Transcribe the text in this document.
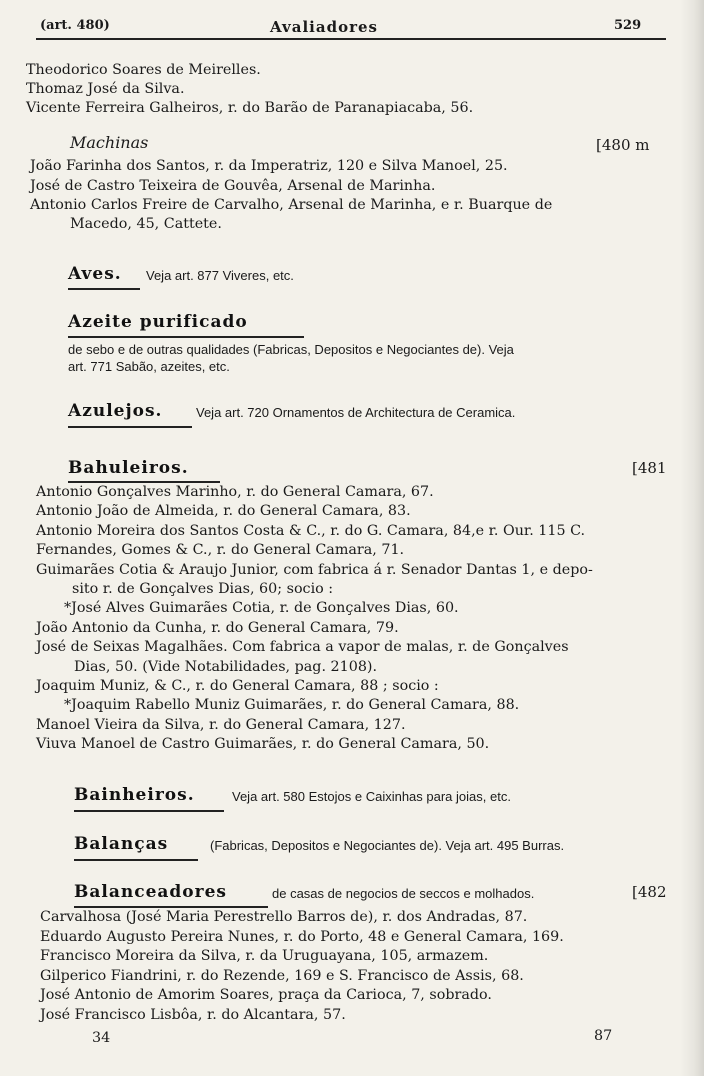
(art. 480)	Avaliadores	529
Theodorico Soares de Meirelles.
Thomaz José da Silva.
Vicente Ferreira Galheiros, r. do Barão de Paranapiacaba, 56.
Machinas	[480 m
João Farinha dos Santos, r. da Imperatriz, 120 e Silva Manoel, 25.
José de Castro Teixeira de Gouvêa, Arsenal de Marinha.
Antonio Carlos Freire de Carvalho, Arsenal de Marinha, e r. Buarque de
Macedo, 45, Cattete.
Aves. Veja art. 877 Viveres, etc.
Azeite purificado
de sebo e de outras qualidades (Fabricas, Depositos e Negociantes de). Veja
art. 771 Sabão, azeites, etc.
Azulejos.	Veja art. 720 Ornamentos de Architectura de Ceramica.
Bahuleiros.	[481
Antonio Gonçalves Marinho, r. do General Camara, 67.
Antonio João de Almeida, r. do General Camara, 83.
Antonio Moreira dos Santos Costa & C., r. do G. Camara, 84,e r. Our. 115 C.
Fernandes, Gomes & C., r. do General Camara, 71.
Guimarães Cotia & Araujo Junior, com fabrica á r. Senador Dantas 1, e depo-
sito r. de Gonçalves Dias, 60; socio :
*José Alves Guimarães Cotia, r. de Gonçalves Dias, 60.
João Antonio da Cunha, r. do General Camara, 79.
José de Seixas Magalhães. Com fabrica a vapor de malas, r. de Gonçalves
Dias, 50. (Vide Notabilidades, pag. 2108).
Joaquim Muniz, & C., r. do General Camara, 88 ; socio :
*Joaquim Rabello Muniz Guimarães, r. do General Camara, 88.
Manoel Vieira da Silva, r. do General Camara, 127.
Viuva Manoel de Castro Guimarães, r. do General Camara, 50.
Bainheiros.	Veja art. 580 Estojos e Caixinhas para joias, etc.
Balanças	(Fabricas, Depositos e Negociantes de). Veja art. 495 Burras.
Balanceadores	de casas de negocios de seccos e molhados.	[482
Carvalhosa (José Maria Perestrello Barros de), r. dos Andradas, 87.
Eduardo Augusto Pereira Nunes, r. do Porto, 48 e General Camara, 169.
Francisco Moreira da Silva, r. da Uruguayana, 105, armazem.
Gilperico Fiandrini, r. do Rezende, 169 e S. Francisco de Assis, 68.
José Antonio de Amorim Soares, praça da Carioca, 7, sobrado.
José Francisco Lisbôa, r. do Alcantara, 57.
34	87
